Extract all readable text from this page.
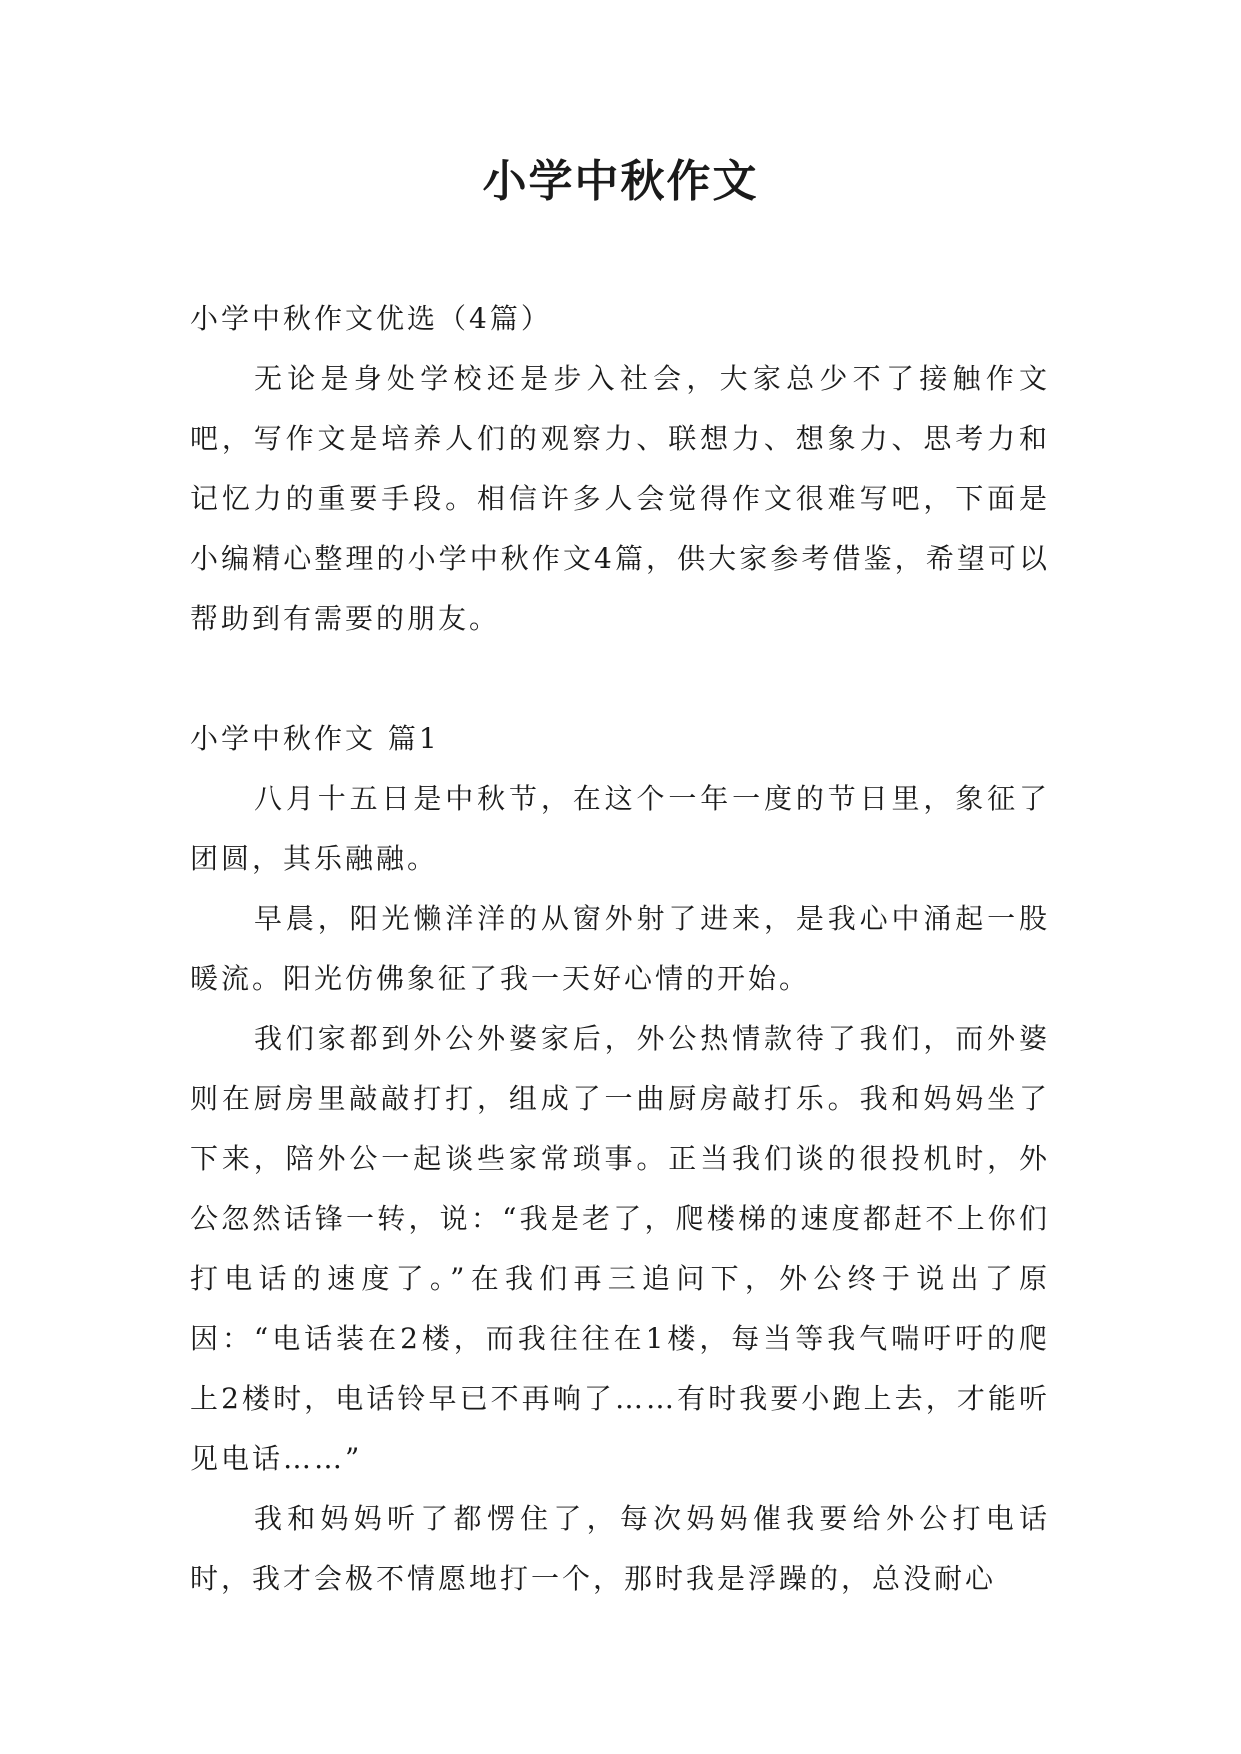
小学中秋作文

小学中秋作文优选（4篇）

无论是身处学校还是步入社会，大家总少不了接触作文吧，写作文是培养人们的观察力、联想力、想象力、思考力和记忆力的重要手段。相信许多人会觉得作文很难写吧，下面是小编精心整理的小学中秋作文4篇，供大家参考借鉴，希望可以帮助到有需要的朋友。

小学中秋作文 篇1

八月十五日是中秋节，在这个一年一度的节日里，象征了团圆，其乐融融。

早晨，阳光懒洋洋的从窗外射了进来，是我心中涌起一股暖流。阳光仿佛象征了我一天好心情的开始。

我们家都到外公外婆家后，外公热情款待了我们，而外婆则在厨房里敲敲打打，组成了一曲厨房敲打乐。我和妈妈坐了下来，陪外公一起谈些家常琐事。正当我们谈的很投机时，外公忽然话锋一转，说：“我是老了，爬楼梯的速度都赶不上你们打电话的速度了。”在我们再三追问下，外公终于说出了原因：“电话装在2楼，而我往往在1楼，每当等我气喘吁吁的爬上2楼时，电话铃早已不再响了……有时我要小跑上去，才能听见电话……”

我和妈妈听了都愣住了，每次妈妈催我要给外公打电话时，我才会极不情愿地打一个，那时我是浮躁的，总没耐心
